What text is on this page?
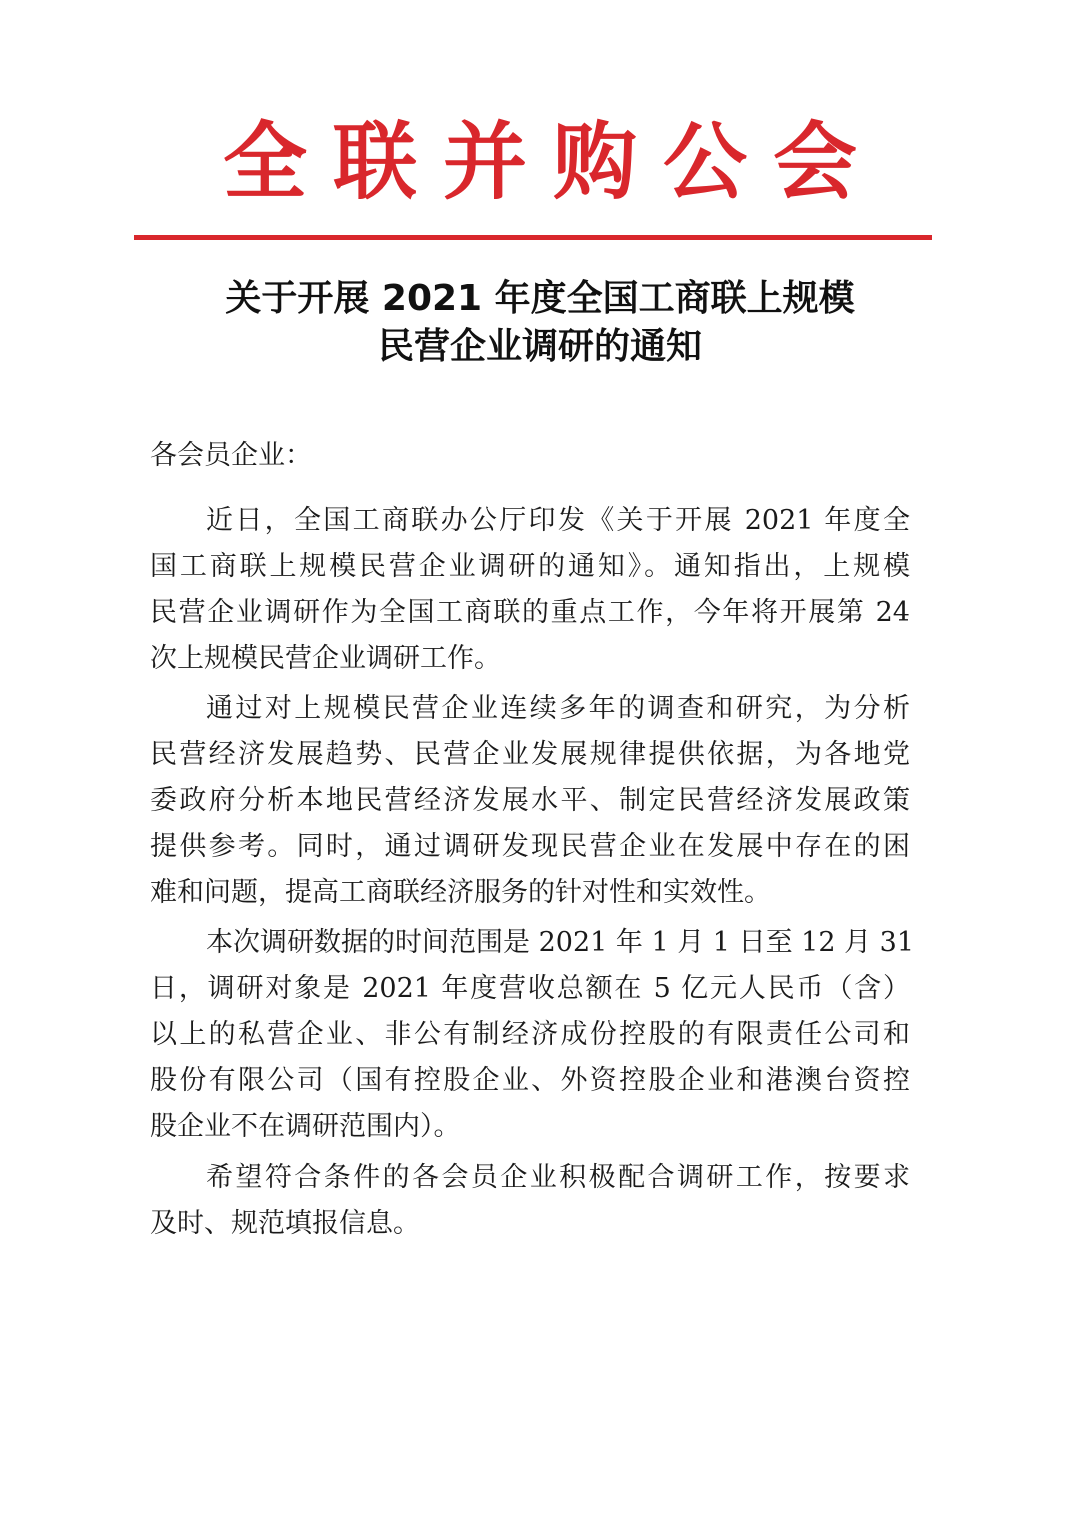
全联并购公会
关于开展 2021 年度全国工商联上规模
民营企业调研的通知
各会员企业：
近日，全国工商联办公厅印发《关于开展 2021 年度全
国工商联上规模民营企业调研的通知》。通知指出，上规模
民营企业调研作为全国工商联的重点工作，今年将开展第 24
次上规模民营企业调研工作。
通过对上规模民营企业连续多年的调查和研究，为分析
民营经济发展趋势、民营企业发展规律提供依据，为各地党
委政府分析本地民营经济发展水平、制定民营经济发展政策
提供参考。同时，通过调研发现民营企业在发展中存在的困
难和问题，提高工商联经济服务的针对性和实效性。
本次调研数据的时间范围是 2021 年 1 月 1 日至 12 月 31
日，调研对象是 2021 年度营收总额在 5 亿元人民币（含）
以上的私营企业、非公有制经济成份控股的有限责任公司和
股份有限公司（国有控股企业、外资控股企业和港澳台资控
股企业不在调研范围内）。
希望符合条件的各会员企业积极配合调研工作，按要求
及时、规范填报信息。
